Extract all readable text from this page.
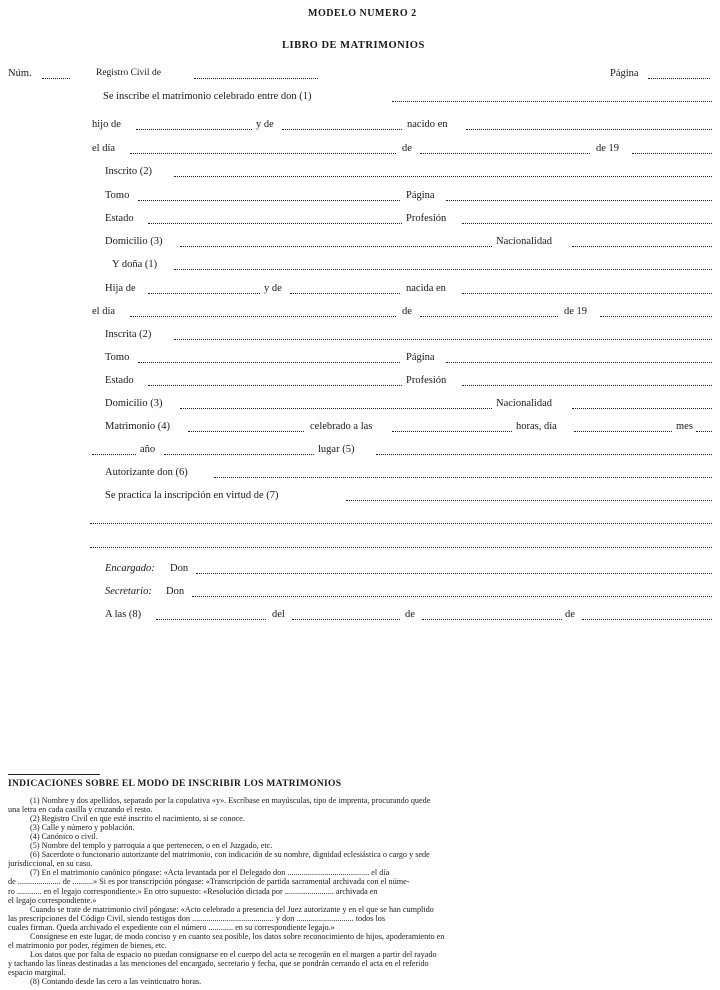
MODELO NUMERO 2
LIBRO DE MATRIMONIOS
Núm.	Registro Civil de	Página
Se inscribe el matrimonio celebrado entre don (1)
hijo de	y de	nacido en
el día	de	de 19
Inscrito (2)
Tomo	Página
Estado	Profesión
Domicilio (3)	Nacionalidad
Y doña (1)
Hija de	y de	nacida en
el día	de	de 19
Inscrita (2)
Tomo	Página
Estado	Profesión
Domicilio (3)	Nacionalidad
Matrimonio (4)	celebrado a las	horas, día	mes
año	lugar (5)
Autorizante don (6)
Se practica la inscripción en virtud de (7)
Encargado: Don
Secretario: Don
A las (8)	del	de	de
INDICACIONES SOBRE EL MODO DE INSCRIBIR LOS MATRIMONIOS
(1) Nombre y dos apellidos, separado por la copulativa «y». Escríbase en mayúsculas, tipo de imprenta, procurando quede
una letra en cada casilla y cruzando el resto.
(2) Registro Civil en que esté inscrito el nacimiento, si se conoce.
(3) Calle y número y población.
(4) Canónico o civil.
(5) Nombre del templo y parroquia a que pertenecen, o en el Juzgado, etc.
(6) Sacerdote o funcionario autorizante del matrimonio, con indicación de su nombre, dignidad eclesiástica o cargo y sede
jurisdiccional, en su caso.
(7) En el matrimonio canónico póngase: «Acta levantada por el Delegado don ........................................ el día
de ..................... de ..........» Si es por transcripción póngase: «Transcripción de partida sacramental archivada con el núme-
ro ............ en el legajo correspondiente.» En otro supuesto: «Resolución dictada por ........................ archivada en
el legajo correspondiente.»
Cuando se trate de matrimonio civil póngase: «Acto celebrado a presencia del Juez autorizante y en el que se han cumplido
las prescripciones del Código Civil, siendo testigos don ........................................ y don ............................ todos los
cuales firman. Queda archivado el expediente con el número ............ en su correspondiente legajo.»
Consígnese en este lugar, de modo conciso y en cuanto sea posible, los datos sobre reconocimiento de hijos, apoderamiento en
el matrimonio por poder, régimen de bienes, etc.
Los datos que por falta de espacio no puedan consignarse en el cuerpo del acta se recogerán en el margen a partir del rayado
y tachando las líneas destinadas a las menciones del encargado, secretario y fecha, que se pondrán cerrando el acta en el referido
espacio marginal.
(8) Contando desde las cero a las veinticuatro horas.
